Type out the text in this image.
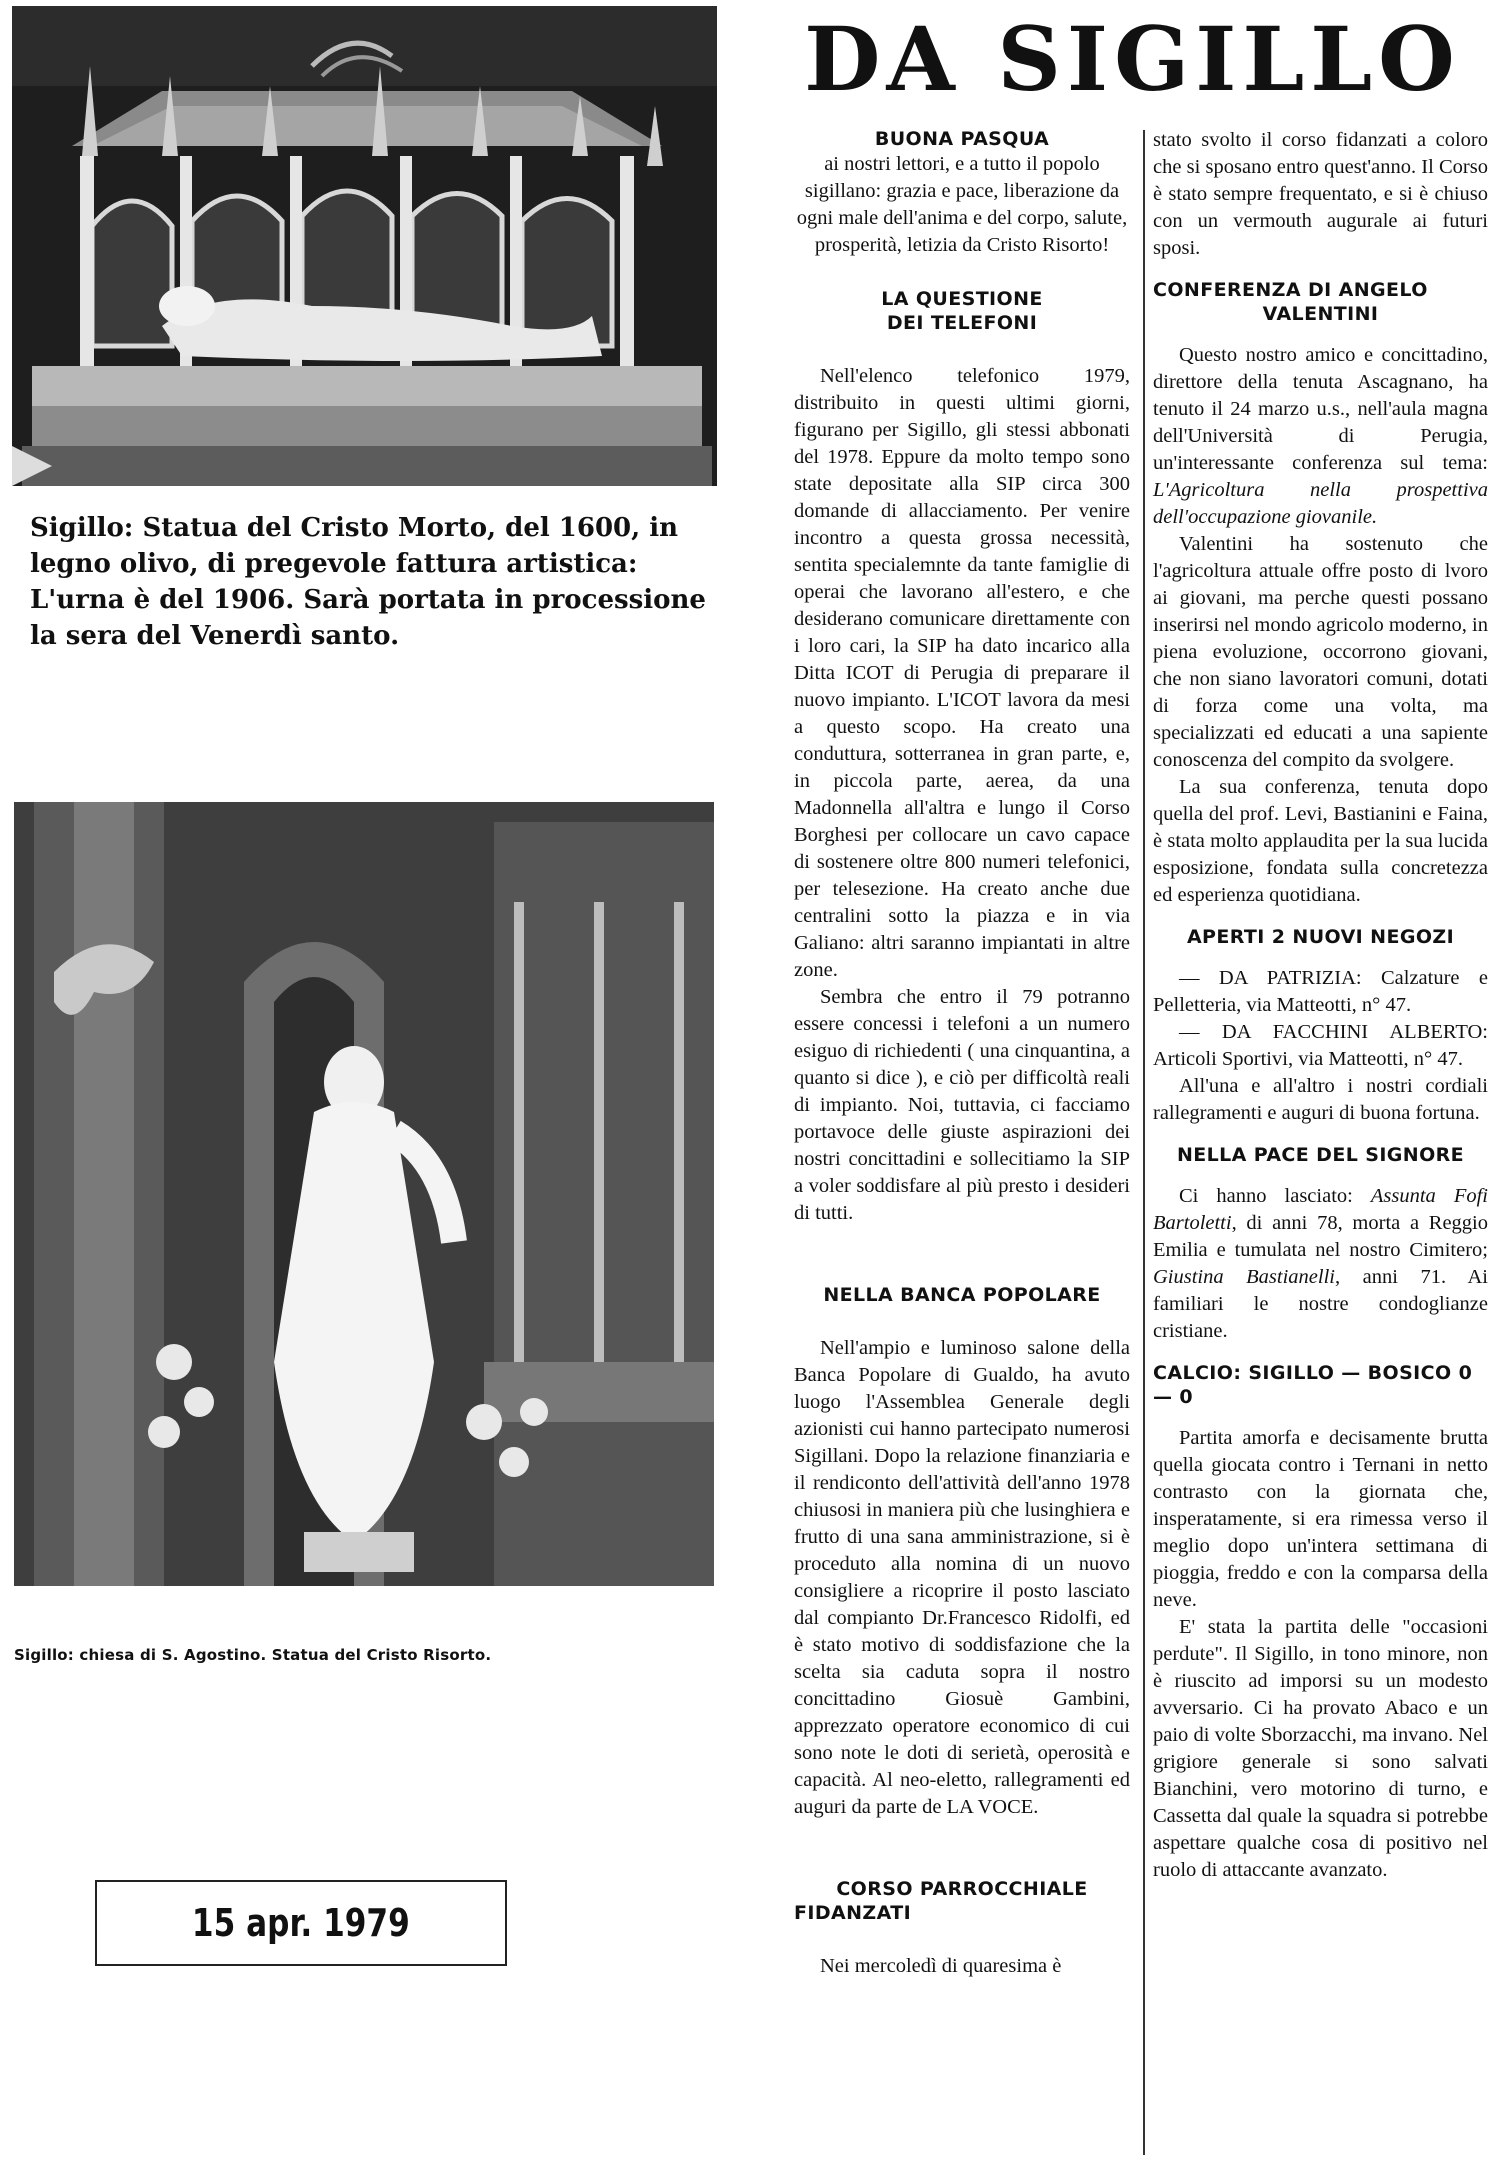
Sigillo: Statua del Cristo Morto, del 1600, in legno olivo, di pregevole fattura artistica: L'urna è del 1906. Sarà portata in processione la sera del Venerdì santo.

Sigillo: chiesa di S. Agostino. Statua del Cristo Risorto.

15 apr. 1979
DA SIGILLO
BUONA PASQUA

ai nostri lettori, e a tutto il popolo sigillano: grazia e pace, liberazione da ogni male dell'anima e del corpo, salute, prosperità, letizia da Cristo Risorto!

LA QUESTIONE
DEI TELEFONI

Nell'elenco telefonico 1979, distribuito in questi ultimi giorni, figurano per Sigillo, gli stessi abbonati del 1978. Eppure da molto tempo sono state depositate alla SIP circa 300 domande di allacciamento. Per venire incontro a questa grossa necessità, sentita specialemnte da tante famiglie di operai che lavorano all'estero, e che desiderano comunicare direttamente con i loro cari, la SIP ha dato incarico alla Ditta ICOT di Perugia di preparare il nuovo impianto. L'ICOT lavora da mesi a questo scopo. Ha creato una conduttura, sotterranea in gran parte, e, in piccola parte, aerea, da una Madonnella all'altra e lungo il Corso Borghesi per collocare un cavo capace di sostenere oltre 800 numeri telefonici, per telesezione. Ha creato anche due centralini sotto la piazza e in via Galiano: altri saranno impiantati in altre zone.

Sembra che entro il 79 potranno essere concessi i telefoni a un numero esiguo di richiedenti ( una cinquantina, a quanto si dice ), e ciò per difficoltà reali di impianto. Noi, tuttavia, ci facciamo portavoce delle giuste aspirazioni dei nostri concittadini e sollecitiamo la SIP a voler soddisfare al più presto i desideri di tutti.

NELLA BANCA POPOLARE

Nell'ampio e luminoso salone della Banca Popolare di Gualdo, ha avuto luogo l'Assemblea Generale degli azionisti cui hanno partecipato numerosi Sigillani. Dopo la relazione finanziaria e il rendiconto dell'attività dell'anno 1978 chiusosi in maniera più che lusinghiera e frutto di una sana amministrazione, si è proceduto alla nomina di un nuovo consigliere a ricoprire il posto lasciato dal compianto Dr.Francesco Ridolfi, ed è stato motivo di soddisfazione che la scelta sia caduta sopra il nostro concittadino Giosuè Gambini, apprezzato operatore economico di cui sono note le doti di serietà, operosità e capacità. Al neo-eletto, rallegramenti ed auguri da parte de LA VOCE.

CORSO PARROCCHIALE
FIDANZATI

Nei mercoledì di quaresima è

stato svolto il corso fidanzati a coloro che si sposano entro quest'anno. Il Corso è stato sempre frequentato, e si è chiuso con un vermouth augurale ai futuri sposi.

CONFERENZA DI ANGELO
VALENTINI

Questo nostro amico e concittadino, direttore della tenuta Ascagnano, ha tenuto il 24 marzo u.s., nell'aula magna dell'Università di Perugia, un'interessante conferenza sul tema: L'Agricoltura nella prospettiva dell'occupazione giovanile.

Valentini ha sostenuto che l'agricoltura attuale offre posto di lvoro ai giovani, ma perche questi possano inserirsi nel mondo agricolo moderno, in piena evoluzione, occorrono giovani, che non siano lavoratori comuni, dotati di forza come una volta, ma specializzati ed educati a una sapiente conoscenza del compito da svolgere.

La sua conferenza, tenuta dopo quella del prof. Levi, Bastianini e Faina, è stata molto applaudita per la sua lucida esposizione, fondata sulla concretezza ed esperienza quotidiana.

APERTI 2 NUOVI NEGOZI

— DA PATRIZIA: Calzature e Pelletteria, via Matteotti, n° 47.

— DA FACCHINI ALBERTO: Articoli Sportivi, via Matteotti, n° 47.

All'una e all'altro i nostri cordiali rallegramenti e auguri di buona fortuna.

NELLA PACE DEL SIGNORE

Ci hanno lasciato: Assunta Fofi Bartoletti, di anni 78, morta a Reggio Emilia e tumulata nel nostro Cimitero; Giustina Bastianelli, anni 71. Ai familiari le nostre condoglianze cristiane.

CALCIO: SIGILLO — BOSICO 0 — 0

Partita amorfa e decisamente brutta quella giocata contro i Ternani in netto contrasto con la giornata che, insperatamente, si era rimessa verso il meglio dopo un'intera settimana di pioggia, freddo e con la comparsa della neve.

E' stata la partita delle "occasioni perdute". Il Sigillo, in tono minore, non è riuscito ad imporsi su un modesto avversario. Ci ha provato Abaco e un paio di volte Sborzacchi, ma invano. Nel grigiore generale si sono salvati Bianchini, vero motorino di turno, e Cassetta dal quale la squadra si potrebbe aspettare qualche cosa di positivo nel ruolo di attaccante avanzato.
